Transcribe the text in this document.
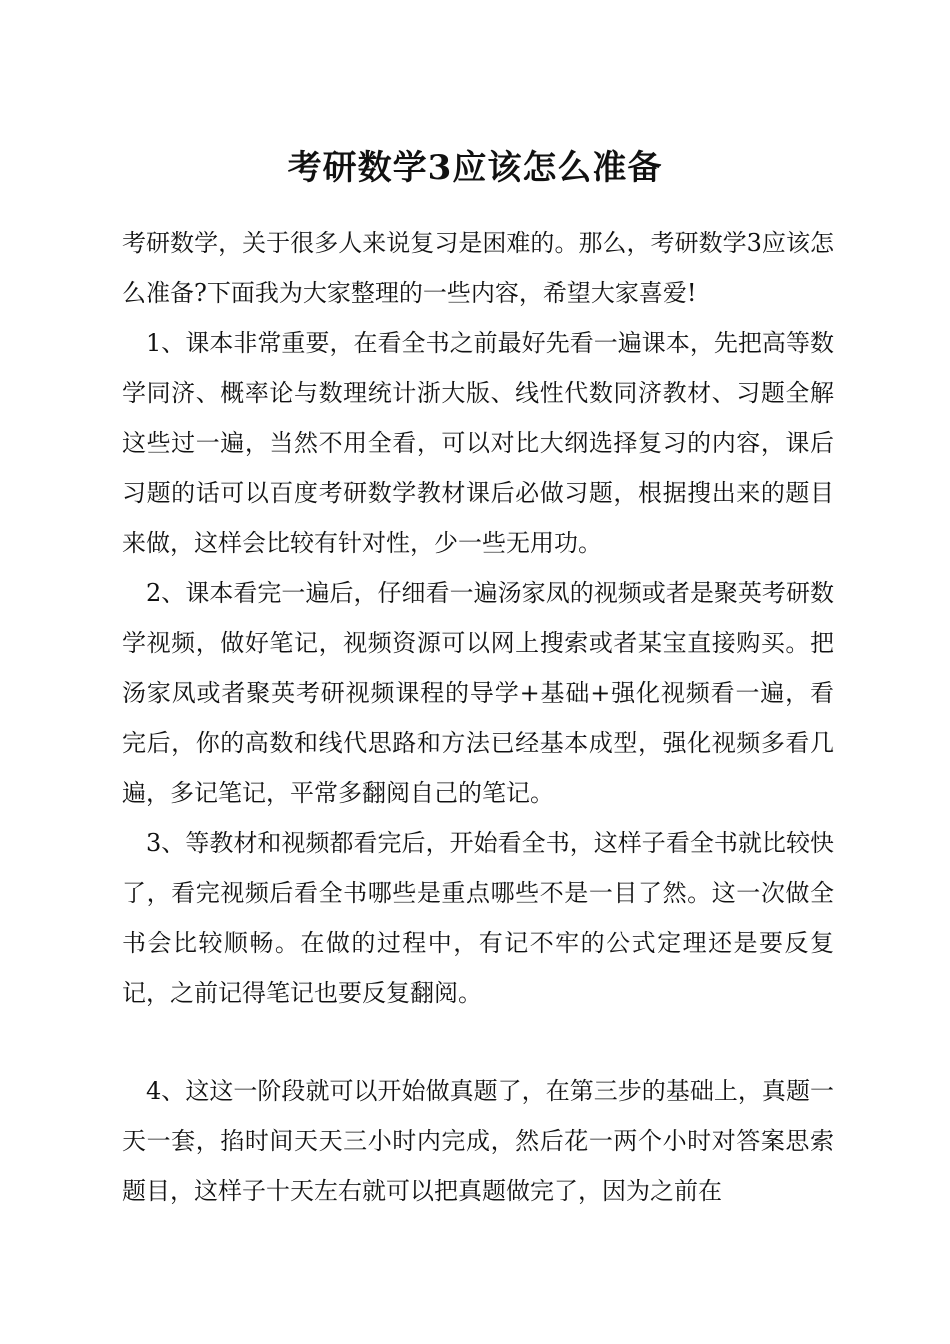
考研数学3应该怎么准备

考研数学，关于很多人来说复习是困难的。那么，考研数学3应该怎么准备?下面我为大家整理的一些内容，希望大家喜爱!

1、课本非常重要，在看全书之前最好先看一遍课本，先把高等数学同济、概率论与数理统计浙大版、线性代数同济教材、习题全解这些过一遍，当然不用全看，可以对比大纲选择复习的内容，课后习题的话可以百度考研数学教材课后必做习题，根据搜出来的题目来做，这样会比较有针对性，少一些无用功。

2、课本看完一遍后，仔细看一遍汤家凤的视频或者是聚英考研数学视频，做好笔记，视频资源可以网上搜索或者某宝直接购买。把汤家凤或者聚英考研视频课程的导学+基础+强化视频看一遍，看完后，你的高数和线代思路和方法已经基本成型，强化视频多看几遍，多记笔记，平常多翻阅自己的笔记。

3、等教材和视频都看完后，开始看全书，这样子看全书就比较快了，看完视频后看全书哪些是重点哪些不是一目了然。这一次做全书会比较顺畅。在做的过程中，有记不牢的公式定理还是要反复记，之前记得笔记也要反复翻阅。

4、这这一阶段就可以开始做真题了，在第三步的基础上，真题一天一套，掐时间天天三小时内完成，然后花一两个小时对答案思索题目，这样子十天左右就可以把真题做完了，因为之前在
